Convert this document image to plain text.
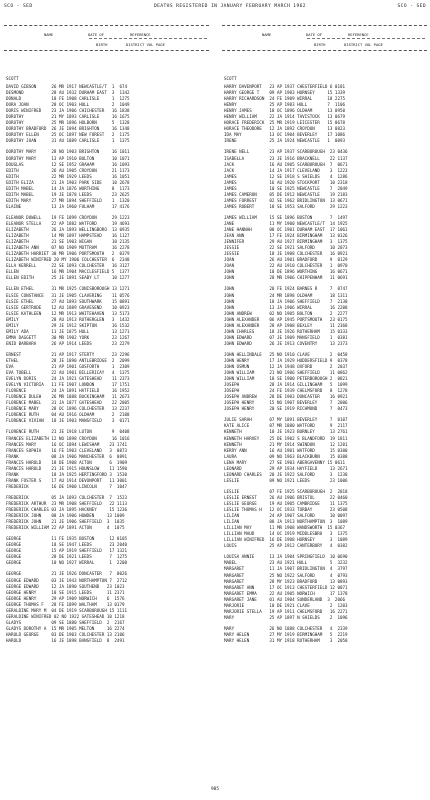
SCO - SED	DEATHS REGISTERED IN JANUARY FEBRUARY MARCH 1962	SCO - SED
NAME	DATE OF	REFERENCE
BIRTH	DISTRICT VOL PAGE
NAME	DATE OF	REFERENCE
BIRTH	DISTRICT VOL PAGE
SCOTT
DAVID GIBSON      26 MR 1917 NEWCASTLE/T  1  674
DESMOND           28 AU 1932 DURHAM EAST  3  1342
DONALD            18 FE 1908 CARLISLE     1  1275
DORA JOAN         28 OC 1903 HULL         2  1049
DORIS WINIFRED    23 JA 1906 CHICHESTER   16 1838
DOROTHY           21 MY 1893 CARLISLE     16 1675
DOROTHY           25 MR 1896 HOLBORN      5  1328
DOROTHY BRADFORD  26 JE 1894 BRIGHTON     16 1348
DOROTHY ELLEN     25 OC 1897 NEW FOREST   2  1175
DOROTHY JOAN      31 AU 1889 CARLISLE     1  1375
DOROTHY MARY      28 NO 1903 BRIGHTON     16 1011
DOROTHY MARY      13 AP 1910 BOLTON       10 1071
DOUGLAS           12 SE 1952 GRAHAM       16 1093
EDITH             26 AU 1905 CROYDON      21 1173
EDITH             22 MR 1929 LEEDS        16 1051
EDITH ELIZA       21 JA 1903 PARK SIDE    10 2678
EDITH MABEL       14 JA 1876 WORTHING     8  1173
EDITH MABEL       19 JE 1878 LEEDS        23 2625
EDITH MARY        27 MR 1894 SHEFFIELD    1  1320
ELAINE            13 JA 1960 FULHAM       17 4176
ELEANOR DOWELL    19 FE 1899 CROYDON      29 1223
ELEANOR STELLA    22 AP 1882 WATFORD      19 4693
ELIZABETH         26 JA 1893 WELLINGBORO  13 0935
ELIZABETH         14 MR 1897 HAMPSTEAD    16 1127
ELIZABETH         21 SE 1903 WIGAN        10 2135
ELIZABETH ANN     07 NO 1909 MOTTRAM      16 2278
ELIZABETH HARRIET 30 MR 1906 PORTSMOUTH   2  0379
ELIZABETH WINIFRED 20 MY 1906 COLCHESTER  6  2348
ELLA KERRELL      22 SE 1893 COLCHESTER   16 3127
ELLEN             16 MR 1904 MACCLESFIELD 5  1377
ELLEN EDITH       25 JE 1891 SEABY LT     10 1277
ELLEN ETHEL       31 MR 1925 CONISBOROUGH 13 1271
ELSIE CONSTANCE   31 JE 1905 CLAVERING    11 0576
ELSIE ETHEL       27 AU 1893 SOUTHWARK    15 0891
ELSIE GERTRUDE    12 AU 1889 GRAVESEND    10 0923
ELSIE KATHLEEN    12 MR 1913 WHITEHAVEN   13 5173
EMILY             28 AU 1913 RUTHERGLEN   3  1432
EMILY             29 JE 1912 SKIPTON      16 1532
EMILY ADA         11 JE 1875 HULL         13 1271
EMMA DAGGETT      30 MR 1902 YORK         23 1267
ENID BARBARA      26 AP 1914 LEEDS        23 2279
ERNEST            21 AP 1917 STERTY       23 2296
ETHEL             28 JE 1890 ANTLEBRIDGE  2  2099
EVA               21 AP 1901 GOSFORTH     1  2309
EVA TOBELL        22 AU 1901 BILLERICAY   4  1375
EVELYN DORIS      24 JA 1921 GATESHEAD    11 2373
EVELYN VICTORIA   11 FE 1907 LONDON       17 1751
FLORENCE          24 JA 1891 HATFIELD     16 1952
FLORENCE DULEH    26 MR 1888 BUCKINGHAM   11 2673
FLORENCE MABEL    31 JA 1877 GATESHEAD    22 2005
FLORENCE MARY     28 OC 1896 COLCHESTER   13 2237
FLORENCE RUTH     04 AU 1916 OLDHAM       2  2108
FLORENCE VIVIAN   18 JE 1903 MANSFIELD    3  0171
FLORENCE RUTH     21 JE 1918 LUTON        9  0408
FRANCES ELIZABETH 12 NO 1898 CROYDON      16 1016
FRANCES MARY      16 OC 1894 LEWISHAM    23 1741
FRANCES SOPHIA    16 FE 1903 CLEVELAND   3  0873
FRANK             08 JA 1906 MANCHESTER  6  0891
FRANCIS HAROLD    18 DE 1908 ACTON       6  1909
FRANCIS HAROLD    21 JE 1915 HOUNSLOW    11 1590
FRANK             18 JA 1925 HERTINGFORD 3  1530
FRANK FOSTER S    17 AU 1914 DEVONPORT   11 3001
FREDERICK         16 DE 1900 LINCOLN     7  1047
FREDERICK         05 JA 1893 COLCHESTER  7  1523
FREDERICK ARTHUR  23 MR 1908 SHEFFIELD   22 1113
FREDERICK CHARLES 03 JA 1895 HACKNEY     15 1236
FREDERICK JOHN    08 JA 1906 HOWDEN     13 1009
FREDERICK JOHN    21 JE 1906 SHEFFIELD  3  1035
FREDERICK WILLIAM 22 AP 1891 ACTON      4  1075
GEORGE            11 FE 1935 BOSTON      12 0105
GEORGE            18 SE 1947 LEEDS       23 2040
GEORGE            15 AP 1919 SHEFFIELD   17 1321
GEORGE            28 DE 1921 LEEDS       7  1275
GEORGE            10 NO 1927 WIRRAL      1  2200
GEORGE            21 JE 1926 DONCASTER   7  0026
GEORGE EDWARD     03 JE 1943 NORTHAMPTON 7  2712
GEORGE EDWARD     12 JA 1890 SOUTHEND   23 1023
GEORGE HENRY      10 SE 1915 LEEDS      11 2371
GEORGE HENRY      29 AP 1909 NORWICH    6  1576
GEORGE THOMAS F   28 FE 1899 WALTHAM    13 0179
GERALDINE MARY M  04 DE 1919 SCARBOROUGH 15 1111
GERALDINE WINIFRED 02 NO 1922 GATESHEAD 10 1218
GLADYS            09 SE 1880 SHEFFIELD  2  2167
GLADYS DOROTHY A  15 MR 1905 MELTON     16 2274
HAROLD GEORGE     03 DE 1903 COLCHESTER 13 2106
HAROLD            16 JE 1898 BANSFIELD  8  2491
SCOTT
HARRY DAVENPORT   23 AP 1937 CHESTERFIELD 6 0181
HARRY GEORGE T    09 AP 1903 HORNSEY     15 1339
HARRY RICHARDSON  24 FE 1909 WIRRAL      18 2275
HENRY             25 AP 1983 HULL        7  1106
HENRY JAMES       18 OC 1896 OLDHAM      13 0950
HENRY WILLIAM     22 JA 1914 TAVISTOCK   13 0679
HORACE FREDERICK  25 MR 1919 LEICESTER   15 0678
HORACE THEODORE   12 JA 1892 CROYDON     13 0823
IDA MAY           13 OC 1904 BEVERLEY    17 1086
IRENE             25 JA 1924 NEWCASTLE   1  0093
IRENE NELL        23 AP 1937 SCARBOROUGH  23 0436
ISABELLA          23 JE 1916 BRACKNELL    22 1137
JACK              16 AU 1905 SCARBOROUGH  7  0671
JACK              14 JA 1917 CLEVELAND    3  1223
JAMES             12 SE 1918 S SHIELDS    4  1286
JAMES             16 AU 1920 STOCKPORT    10 2318
JAMES             10 SE 1925 NEWCASTLE    7  2049
JAMES CAMERON     05 DE 1912 NEWCASTLE    19 2183
JAMES FORREST     02 SE 1962 BRIDLINGTON  13 0671
JAMES ROBERT      18 SE 1953 SALFORD      29 1223
JAMES WILLIAM     15 SE 1896 BOSTON       7  1497
JANE              11 MY 1900 NEWCASTLE/T  14 1925
JANE HANNAH       08 OC 1901 DURHAM EAST  17 1061
JEAN ANN          17 FE 1924 BIRMINGHAM   13 0326
JENNIFER          29 AU 1927 BIRMINGHAM   3  1375
JESSIE            22 SE 1921 SALFORD      10 2073
JESSIE            18 JE 1908 COLCHESTER   16 0921
JOAN              26 AU 1901 BRADFORD     9  0129
JOAN              22 AU 1910 COLCHESTER   1  0970
JOHN              10 DE 1896 WORTHING     16 0671
JOHN              28 MR 1906 CHIPPENHAM   11 0691
JOHN              20 FE 1924 BARNES R     7  0747
JOHN              24 MR 1898 OLDHAM       18 1311
JOHN              18 JA 1906 SHEFFIELD    7  2138
JOHN              13 JA 1906 WIRRAL       16 2208
JOHN ANDREW       02 NO 1905 BOLTON       2  2277
JOHN ALEXANDER    06 AP 1945 PORTSMOUTH   23 0175
JOHN ALEXANDER    28 AP 1908 BEXLEY       11 2368
JOHN CHARLES      18 JE 1926 ROTHERHAM    15 0333
JOHN EDWARD       07 JE 1909 MANSFIELD    1  0381
JOHN EDWARD       26 JE 1913 COVENTRY     13 2373
JOHN HELLINDALE   25 NO 1910 CLAVE        2  0458
JOHN HENRY        17 JA 1929 HUDDERSFIELD 9  0378
JOHN OSMUN        12 JA 1948 OXFORD       2  2037
JOHN WILLIAM      21 NO 1906 SHEFFIELD    11 0862
JOHN WILLIAM      18 SE 1900 PETERBOROUGH 2  0821
JOSEPH            28 JA 1914 GILLINGHAM   5  1099
JOSEPH            24 FE 1939 CHELMSFORD   8  1278
JOSEPH ANDREW     28 DE 1903 DONCASTER    16 0921
JOSEPH HENRY      15 NO 1907 BEVERLEY     7  2006
JOSEPH HENRY      20 SE 1919 RICHMOND     7  0473
JULIE SARAH       07 MY 1891 BEVERLEY     7  0107
KATE ALICE        07 MR 1880 WATFORD      9  2117
KENNETH           10 JE 1923 BURNLEY      13 2761
KENNETH HARVEY    25 DE 1902 S BLANDFORD  19 1811
KENNETH           21 MY 1914 SWINDON      12 1201
KERRY ANN         16 AU 1901 WATFORD      15 0380
LAURA             09 NO 1963 BLACKBURN    15 0388
LENA MARY         27 SE 1903 ABERGAVENNY 15 0611
LEONARD           29 AP 1934 HAYFIELD     13 2671
LEONARD CHARLES   20 JE 1922 SALFORD      3  1238
LESLIE            09 NO 1921 LEEDS        23 1006
LESLIE            07 FE 1925 SCARBOROUGH  2  2818
LESLIE ERNEST     26 AU 1906 BRISTOL      22 0460
LESLIE GEORGE     19 AU 1905 CAMBRIDGE    11 1375
LESLIE THOMAS H   12 OC 1933 TORBAY       23 0508
LILIAN            24 AP 1907 SALFORD      10 0097
LILIAN            08 JA 1913 NORTHAMPTON  3  1089
LILLIAN MAY       11 MR 1908 WANDSWORTH  15 0367
LILLIAN MAUD      14 OC 1919 MIDDLESBRO   3  1375
LILLIAN WINIFRED  16 DE 1908 HORNSEY      3  1089
LOUIS             25 AP 1912 CANTERBURY   4  0382
LOUISA ANNIE      13 JA 1904 SPRINGFIELD  10 0690
MABEL             23 AU 1921 HULL         5  3232
MARGARET          11 JA 1907 BRIDLINGTON  4  3797
MARGARET          25 NO 1922 SALFORD      4  0793
MARGARET          28 MY 1923 BRADFORD     13 0893
MARGARET ANN      17 OC 1913 CHESTERFIELD 12 0071
MARGARET EMMA     22 AU 1905 NORWICH      17 1378
MARGARET JANE     01 AU 1904 SUNDERLAND  3  2066
MARJORIE          10 DE 1921 CLAVE        2  1203
MARJORIE STELLA   19 AP 1911 CHELMSFORD   16 2271
MARY              25 AP 1897 N SHIELDS    2  1096
MARY              26 NO 1888 COLCHESTER   4  2339
MARY HELEN        27 MY 1919 BIRMINGHAM   5  2219
MARY HELEN        31 MY 1918 ROTHERHAM    3  2050
905
